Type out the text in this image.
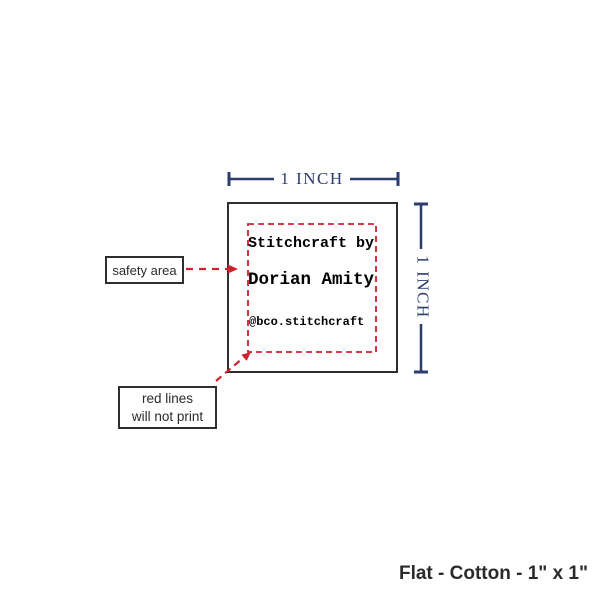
Stitchcraft by
Dorian Amity
@bco.stitchcraft
1 INCH
1 INCH
safety area
red lines
will not print
Flat - Cotton - 1" x 1"
